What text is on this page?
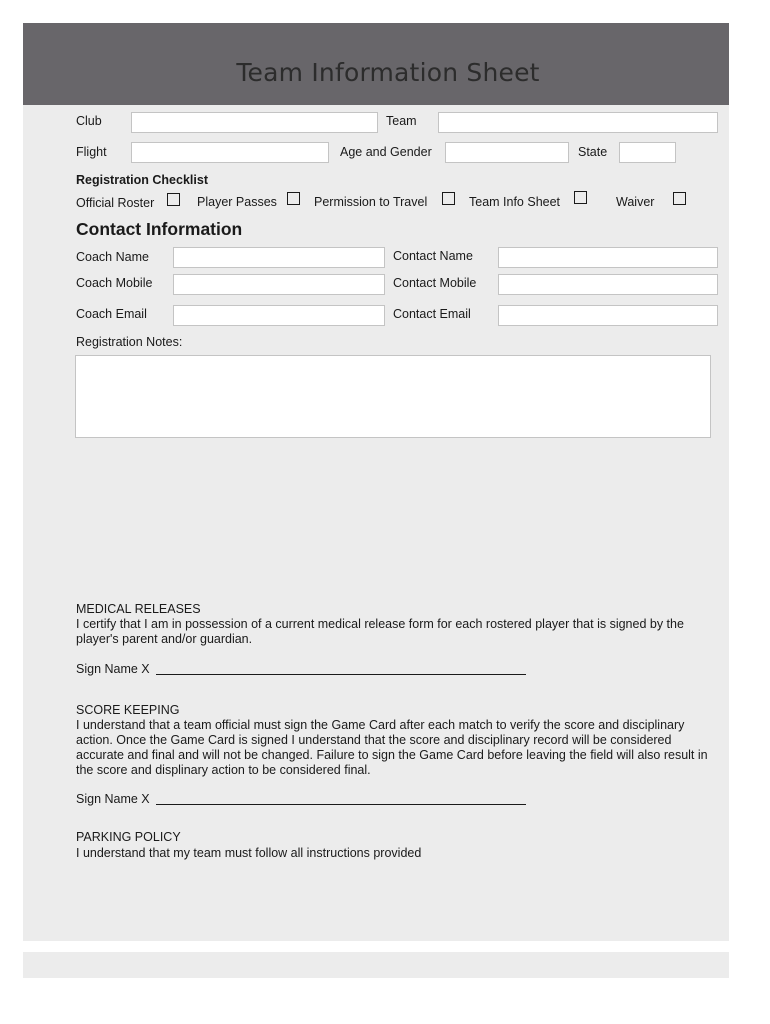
Team Information Sheet
Club	Team
Flight	Age and Gender	State
Registration Checklist
Official Roster	Player Passes	Permission to Travel	Team Info Sheet	Waiver
Contact Information
Coach Name	Contact Name
Coach Mobile	Contact Mobile
Coach Email	Contact Email
Registration Notes:
MEDICAL RELEASES

I certify that I am in possession of a current medical release form for each rostered player that is signed by the player's parent and/or guardian.

Sign Name X
SCORE KEEPING

I understand that a team official must sign the Game Card after each match to verify the score and disciplinary action. Once the Game Card is signed I understand that the score and disciplinary record will be considered accurate and final and will not be changed. Failure to sign the Game Card before leaving the field will also result in the score and displinary action to be considered final.

Sign Name X
PARKING POLICY

I understand that my team must follow all instructions provided
